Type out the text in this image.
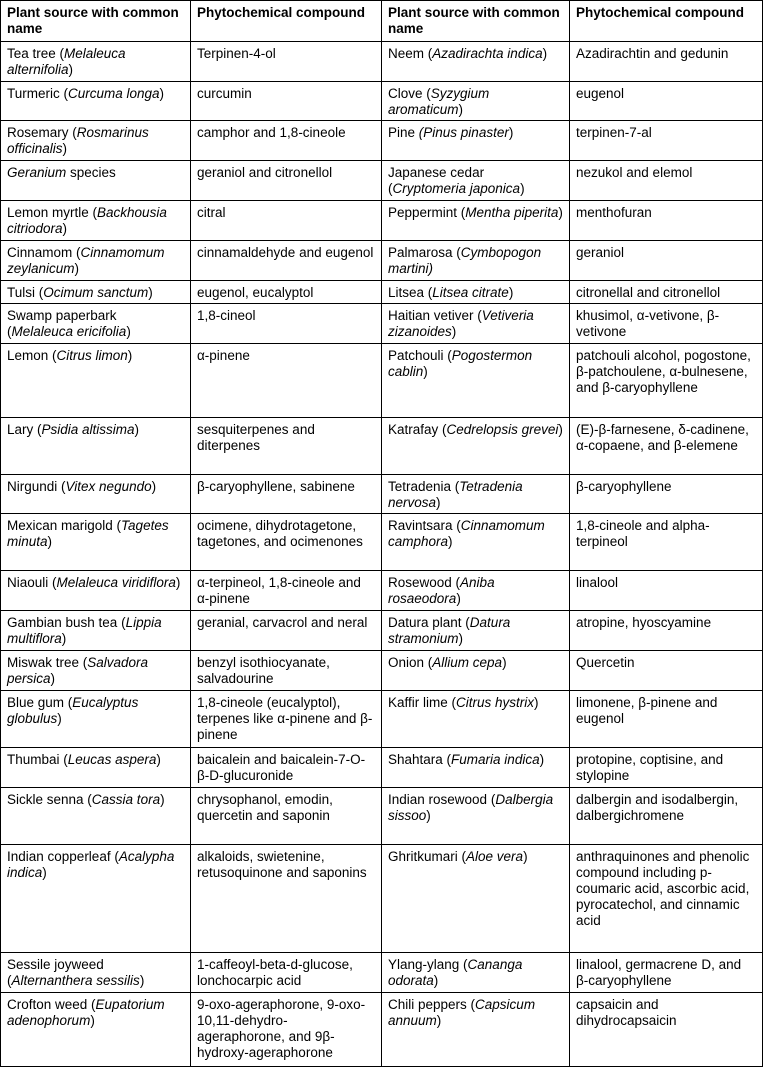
Plant source with common name	Phytochemical compound	Plant source with common name	Phytochemical compound
Tea tree (Melaleuca alternifolia)	Terpinen-4-ol	Neem (Azadirachta indica)	Azadirachtin and gedunin
Turmeric (Curcuma longa)	curcumin	Clove (Syzygium aromaticum)	eugenol
Rosemary (Rosmarinus officinalis)	camphor and 1,8-cineole	Pine (Pinus pinaster)	terpinen-7-al
Geranium species	geraniol and citronellol	Japanese cedar (Cryptomeria japonica)	nezukol and elemol
Lemon myrtle (Backhousia citriodora)	citral	Peppermint (Mentha piperita)	menthofuran
Cinnamom (Cinnamomum zeylanicum)	cinnamaldehyde and eugenol	Palmarosa (Cymbopogon martini)	geraniol
Tulsi (Ocimum sanctum)	eugenol, eucalyptol	Litsea (Litsea citrate)	citronellal and citronellol
Swamp paperbark (Melaleuca ericifolia)	1,8-cineol	Haitian vetiver (Vetiveria zizanoides)	khusimol, α-vetivone, β-vetivone
Lemon (Citrus limon)	α-pinene	Patchouli (Pogostermon cablin)	patchouli alcohol, pogostone, β-patchoulene, α-bulnesene, and β-caryophyllene
Lary (Psidia altissima)	sesquiterpenes and diterpenes	Katrafay (Cedrelopsis grevei)	(E)-β-farnesene, δ-cadinene, α-copaene, and β-elemene
Nirgundi (Vitex negundo)	β-caryophyllene, sabinene	Tetradenia (Tetradenia nervosa)	β-caryophyllene
Mexican marigold (Tagetes minuta)	ocimene, dihydrotagetone, tagetones, and ocimenones	Ravintsara (Cinnamomum camphora)	1,8-cineole and alpha-terpineol
Niaouli (Melaleuca viridiflora)	α-terpineol, 1,8-cineole and α-pinene	Rosewood (Aniba rosaeodora)	linalool
Gambian bush tea (Lippia multiflora)	geranial, carvacrol and neral	Datura plant (Datura stramonium)	atropine, hyoscyamine
Miswak tree (Salvadora persica)	benzyl isothiocyanate, salvadourine	Onion (Allium cepa)	Quercetin
Blue gum (Eucalyptus globulus)	1,8-cineole (eucalyptol), terpenes like α-pinene and β-pinene	Kaffir lime (Citrus hystrix)	limonene, β-pinene and eugenol
Thumbai (Leucas aspera)	baicalein and baicalein-7-O-β-D-glucuronide	Shahtara (Fumaria indica)	protopine, coptisine, and stylopine
Sickle senna (Cassia tora)	chrysophanol, emodin, quercetin and saponin	Indian rosewood (Dalbergia sissoo)	dalbergin and isodalbergin, dalbergichromene
Indian copperleaf (Acalypha indica)	alkaloids, swietenine, retusoquinone and saponins	Ghritkumari (Aloe vera)	anthraquinones and phenolic compound including p-coumaric acid, ascorbic acid, pyrocatechol, and cinnamic acid
Sessile joyweed (Alternanthera sessilis)	1-caffeoyl-beta-d-glucose, lonchocarpic acid	Ylang-ylang (Cananga odorata)	linalool, germacrene D, and β-caryophyllene
Crofton weed (Eupatorium adenophorum)	9-oxo-ageraphorone, 9-oxo-10,11-dehydro-ageraphorone, and 9β-hydroxy-ageraphorone	Chili peppers (Capsicum annuum)	capsaicin and dihydrocapsaicin
